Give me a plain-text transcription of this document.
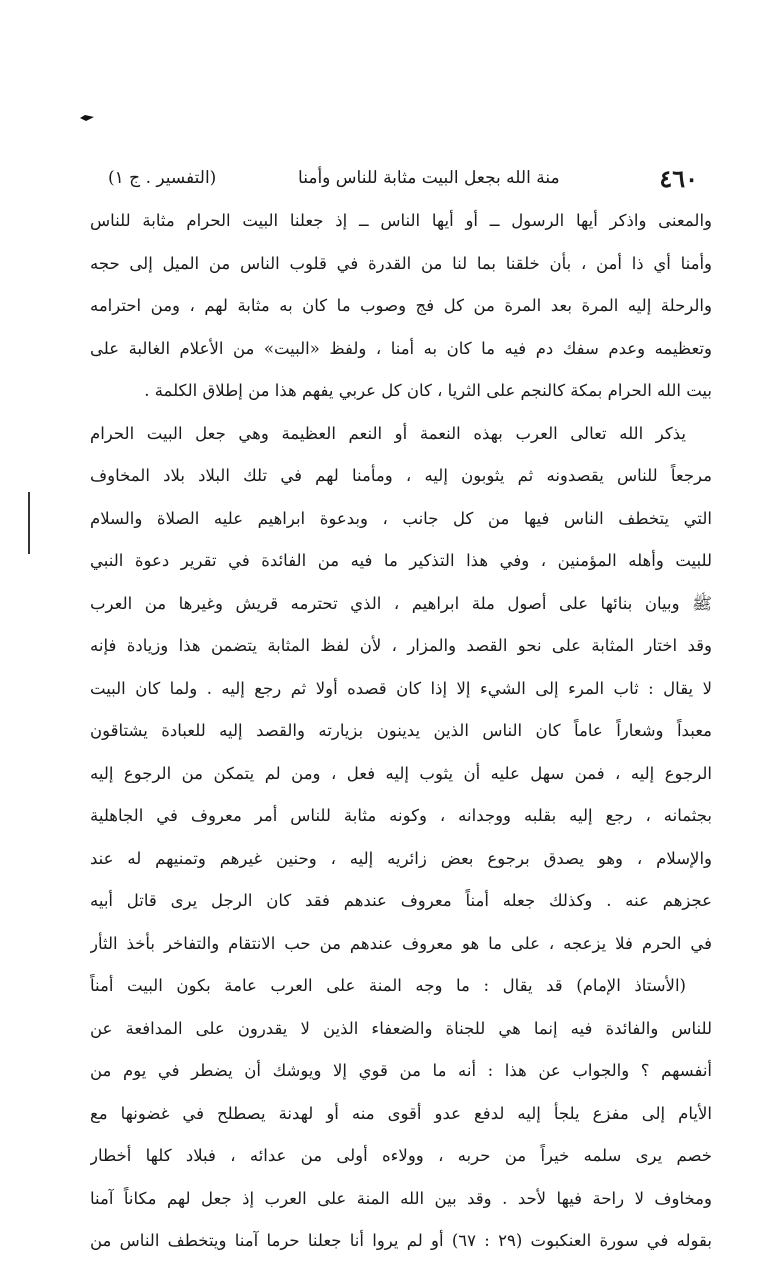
٤٦٠
منة الله بجعل البيت مثابة للناس وأمنا
(التفسير . ج ١)
والمعنى واذكر أيها الرسول ــ أو أيها الناس ــ إذ جعلنا البيت الحرام مثابة للناس
وأمنا أي ذا أمن ، بأن خلقنا بما لنا من القدرة في قلوب الناس من الميل إلى حجه
والرحلة إليه المرة بعد المرة من كل فج وصوب ما كان به مثابة لهم ، ومن احترامه
وتعظيمه وعدم سفك دم فيه ما كان به أمنا ، ولفظ «البيت» من الأعلام الغالبة على
بيت الله الحرام بمكة كالنجم على الثريا ، كان كل عربي يفهم هذا من إطلاق الكلمة .
يذكر الله تعالى العرب بهذه النعمة أو النعم العظيمة وهي جعل البيت الحرام
مرجعاً للناس يقصدونه ثم يثوبون إليه ، ومأمنا لهم في تلك البلاد بلاد المخاوف
التي يتخطف الناس فيها من كل جانب ، وبدعوة ابراهيم عليه الصلاة والسلام
للبيت وأهله المؤمنين ، وفي هذا التذكير ما فيه من الفائدة في تقرير دعوة النبي
ﷺ وبيان بنائها على أصول ملة ابراهيم ، الذي تحترمه قريش وغيرها من العرب
وقد اختار المثابة على نحو القصد والمزار ، لأن لفظ المثابة يتضمن هذا وزيادة فإنه
لا يقال : ثاب المرء إلى الشيء إلا إذا كان قصده أولا ثم رجع إليه . ولما كان البيت
معبداً وشعاراً عاماً كان الناس الذين يدينون بزيارته والقصد إليه للعبادة يشتاقون
الرجوع إليه ، فمن سهل عليه أن يثوب إليه فعل ، ومن لم يتمكن من الرجوع إليه
بجثمانه ، رجع إليه بقلبه ووجدانه ، وكونه مثابة للناس أمر معروف في الجاهلية
والإسلام ، وهو يصدق برجوع بعض زائريه إليه ، وحنين غيرهم وتمنيهم له عند
عجزهم عنه . وكذلك جعله أمناً معروف عندهم فقد كان الرجل يرى قاتل أبيه
في الحرم فلا يزعجه ، على ما هو معروف عندهم من حب الانتقام والتفاخر بأخذ الثأر
(الأستاذ الإمام) قد يقال : ما وجه المنة على العرب عامة بكون البيت أمناً
للناس والفائدة فيه إنما هي للجناة والضعفاء الذين لا يقدرون على المدافعة عن
أنفسهم ؟ والجواب عن هذا : أنه ما من قوي إلا ويوشك أن يضطر في يوم من
الأيام إلى مفزع يلجأ إليه لدفع عدو أقوى منه أو لهدنة يصطلح في غضونها مع
خصم يرى سلمه خيراً من حربه ، وولاءه أولى من عدائه ، فبلاد كلها أخطار
ومخاوف لا راحة فيها لأحد . وقد بين الله المنة على العرب إذ جعل لهم مكاناً آمنا
بقوله في سورة العنكبوت (٢٩ : ٦٧) أو لم يروا أنا جعلنا حرما آمنا ويتخطف الناس من
